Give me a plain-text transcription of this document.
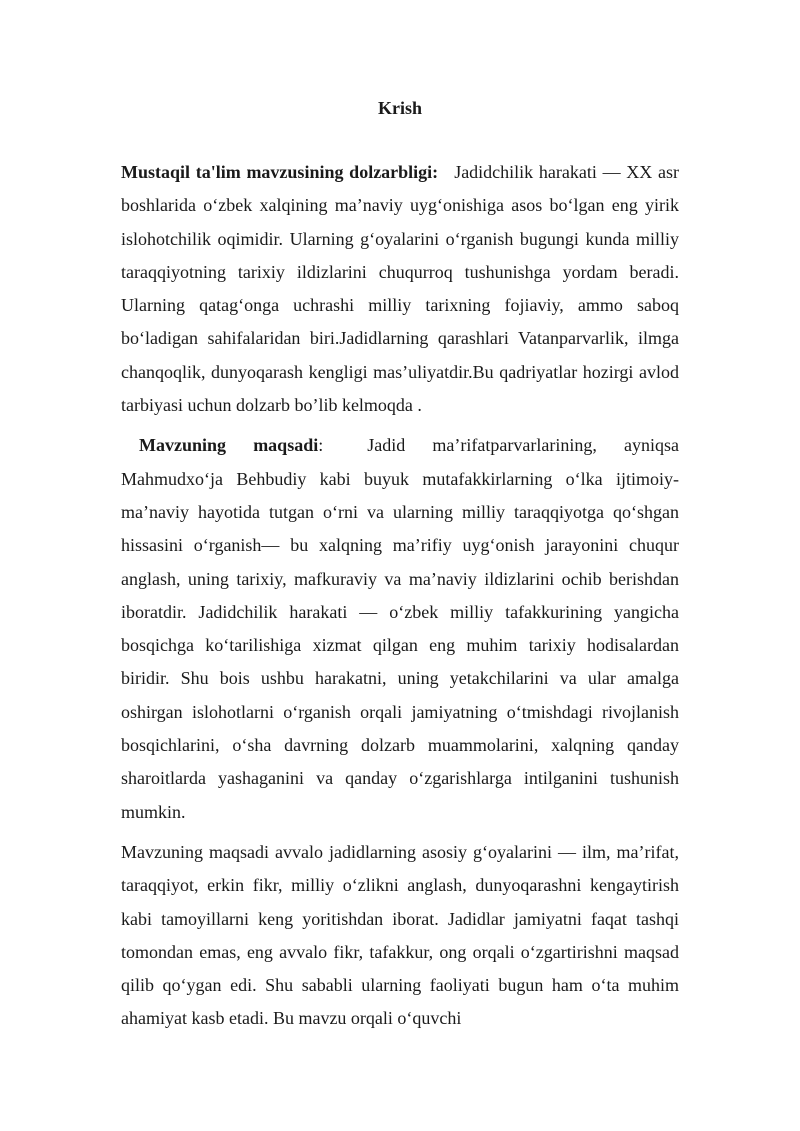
Krish

Mustaqil ta'lim mavzusining dolzarbligi: Jadidchilik harakati — XX asr boshlarida o‘zbek xalqining ma’naviy uyg‘onishiga asos bo‘lgan eng yirik islohotchilik oqimidir. Ularning g‘oyalarini o‘rganish bugungi kunda milliy taraqqiyotning tarixiy ildizlarini chuqurroq tushunishga yordam beradi. Ularning qatag‘onga uchrashi milliy tarixning fojiaviy, ammo saboq bo‘ladigan sahifalaridan biri.Jadidlarning qarashlari Vatanparvarlik, ilmga chanqoqlik, dunyoqarash kengligi mas’uliyatdir.Bu qadriyatlar hozirgi avlod tarbiyasi uchun dolzarb bo’lib kelmoqda .

Mavzuning maqsadi: Jadid ma’rifatparvarlarining, ayniqsa Mahmudxo‘ja Behbudiy kabi buyuk mutafakkirlarning o‘lka ijtimoiy-ma’naviy hayotida tutgan o‘rni va ularning milliy taraqqiyotga qo‘shgan hissasini o‘rganish— bu xalqning ma’rifiy uyg‘onish jarayonini chuqur anglash, uning tarixiy, mafkuraviy va ma’naviy ildizlarini ochib berishdan iboratdir. Jadidchilik harakati — o‘zbek milliy tafakkurining yangicha bosqichga ko‘tarilishiga xizmat qilgan eng muhim tarixiy hodisalardan biridir. Shu bois ushbu harakatni, uning yetakchilarini va ular amalga oshirgan islohotlarni o‘rganish orqali jamiyatning o‘tmishdagi rivojlanish bosqichlarini, o‘sha davrning dolzarb muammolarini, xalqning qanday sharoitlarda yashaganini va qanday o‘zgarishlarga intilganini tushunish mumkin.

Mavzuning maqsadi avvalo jadidlarning asosiy g‘oyalarini — ilm, ma’rifat, taraqqiyot, erkin fikr, milliy o‘zlikni anglash, dunyoqarashni kengaytirish kabi tamoyillarni keng yoritishdan iborat. Jadidlar jamiyatni faqat tashqi tomondan emas, eng avvalo fikr, tafakkur, ong orqali o‘zgartirishni maqsad qilib qo‘ygan edi. Shu sababli ularning faoliyati bugun ham o‘ta muhim ahamiyat kasb etadi. Bu mavzu orqali o‘quvchi
